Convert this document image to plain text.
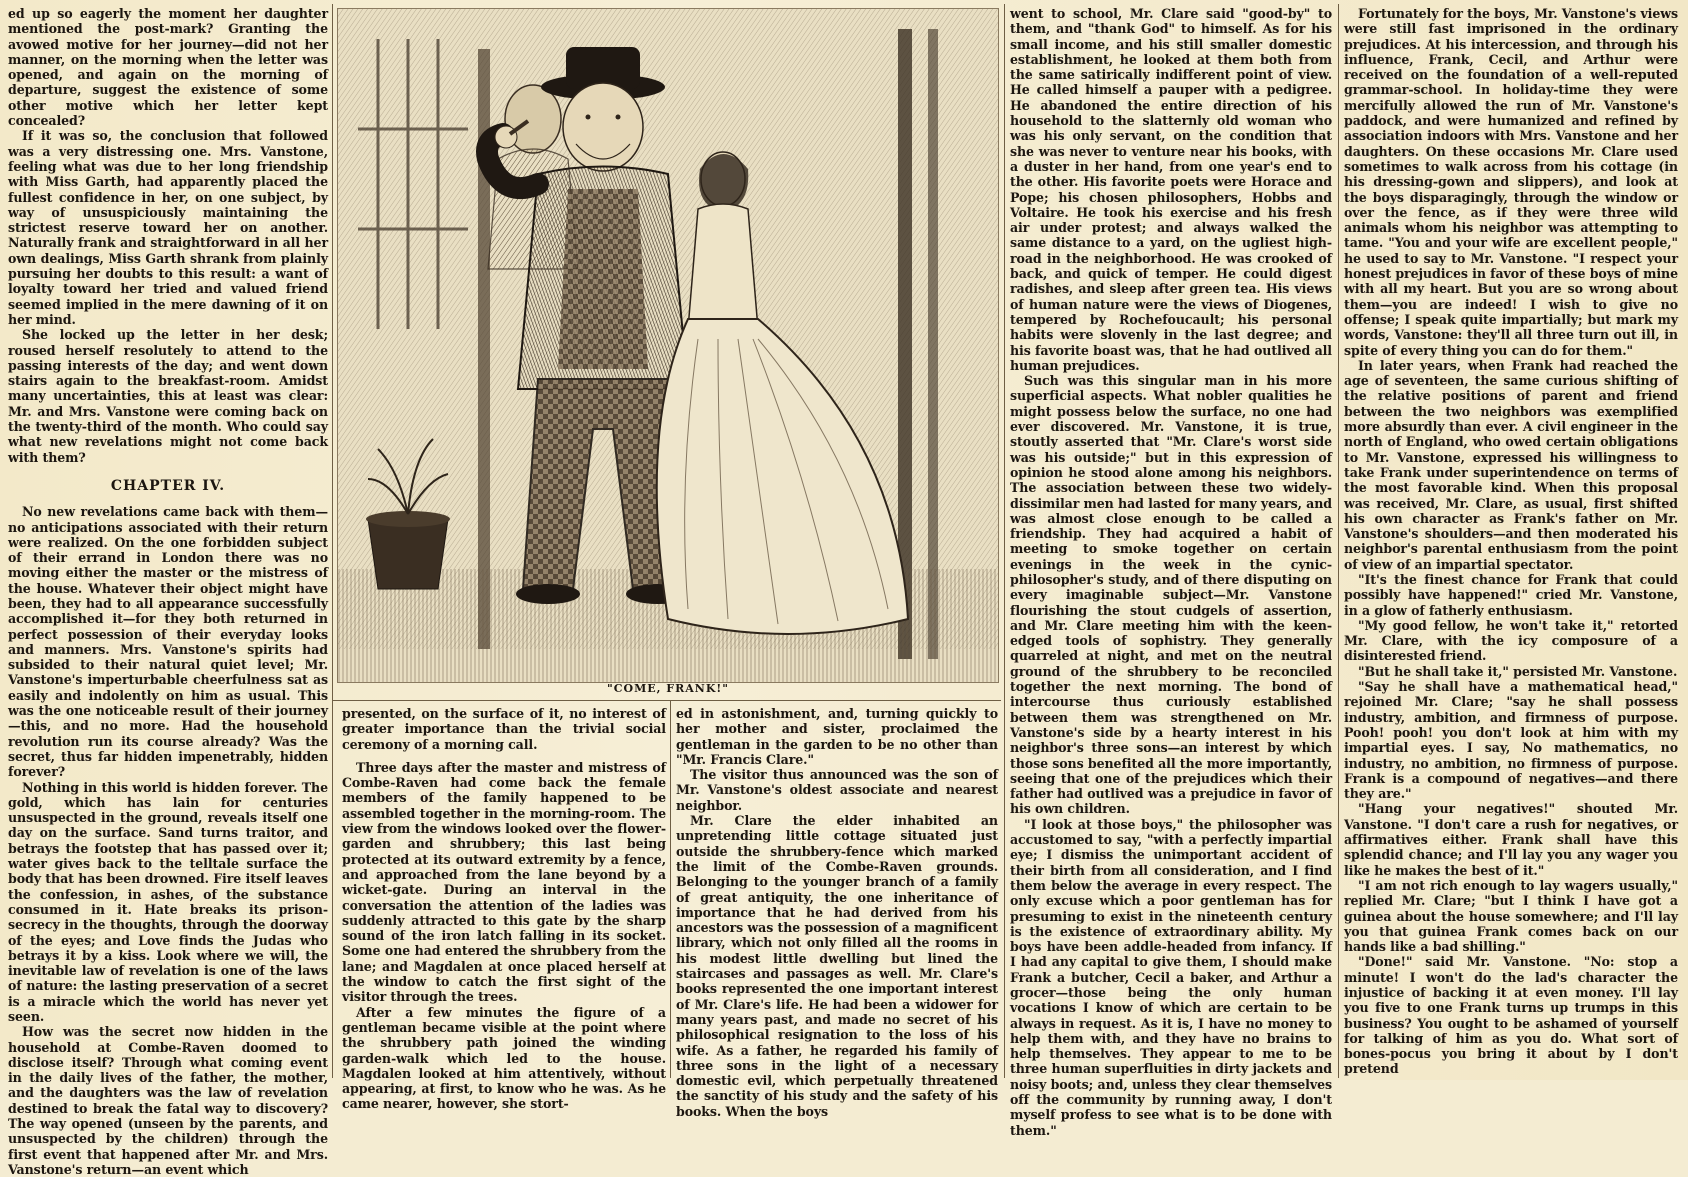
ed up so eagerly the moment her daughter mentioned the post-mark? Granting the avowed motive for her journey—did not her manner, on the morning when the letter was opened, and again on the morning of departure, suggest the existence of some other motive which her letter kept concealed?

If it was so, the conclusion that followed was a very distressing one. Mrs. Vanstone, feeling what was due to her long friendship with Miss Garth, had apparently placed the fullest confidence in her, on one subject, by way of unsuspiciously maintaining the strictest reserve toward her on another. Naturally frank and straightforward in all her own dealings, Miss Garth shrank from plainly pursuing her doubts to this result: a want of loyalty toward her tried and valued friend seemed implied in the mere dawning of it on her mind.

She locked up the letter in her desk; roused herself resolutely to attend to the passing interests of the day; and went down stairs again to the breakfast-room. Amidst many uncertainties, this at least was clear: Mr. and Mrs. Vanstone were coming back on the twenty-third of the month. Who could say what new revelations might not come back with them?

CHAPTER IV.

No new revelations came back with them—no anticipations associated with their return were realized. On the one forbidden subject of their errand in London there was no moving either the master or the mistress of the house. Whatever their object might have been, they had to all appearance successfully accomplished it—for they both returned in perfect possession of their everyday looks and manners. Mrs. Vanstone's spirits had subsided to their natural quiet level; Mr. Vanstone's imperturbable cheerfulness sat as easily and indolently on him as usual. This was the one noticeable result of their journey—this, and no more. Had the household revolution run its course already? Was the secret, thus far hidden impenetrably, hidden forever?

Nothing in this world is hidden forever. The gold, which has lain for centuries unsuspected in the ground, reveals itself one day on the surface. Sand turns traitor, and betrays the footstep that has passed over it; water gives back to the telltale surface the body that has been drowned. Fire itself leaves the confession, in ashes, of the substance consumed in it. Hate breaks its prison-secrecy in the thoughts, through the doorway of the eyes; and Love finds the Judas who betrays it by a kiss. Look where we will, the inevitable law of revelation is one of the laws of nature: the lasting preservation of a secret is a miracle which the world has never yet seen.

How was the secret now hidden in the household at Combe-Raven doomed to disclose itself? Through what coming event in the daily lives of the father, the mother, and the daughters was the law of revelation destined to break the fatal way to discovery? The way opened (unseen by the parents, and unsuspected by the children) through the first event that happened after Mr. and Mrs. Vanstone's return—an event which

"COME, FRANK!"

presented, on the surface of it, no interest of greater importance than the trivial social ceremony of a morning call.

Three days after the master and mistress of Combe-Raven had come back the female members of the family happened to be assembled together in the morning-room. The view from the windows looked over the flower-garden and shrubbery; this last being protected at its outward extremity by a fence, and approached from the lane beyond by a wicket-gate. During an interval in the conversation the attention of the ladies was suddenly attracted to this gate by the sharp sound of the iron latch falling in its socket. Some one had entered the shrubbery from the lane; and Magdalen at once placed herself at the window to catch the first sight of the visitor through the trees.

After a few minutes the figure of a gentleman became visible at the point where the shrubbery path joined the winding garden-walk which led to the house. Magdalen looked at him attentively, without appearing, at first, to know who he was. As he came nearer, however, she stort-

ed in astonishment, and, turning quickly to her mother and sister, proclaimed the gentleman in the garden to be no other than "Mr. Francis Clare."

The visitor thus announced was the son of Mr. Vanstone's oldest associate and nearest neighbor.

Mr. Clare the elder inhabited an unpretending little cottage situated just outside the shrubbery-fence which marked the limit of the Combe-Raven grounds. Belonging to the younger branch of a family of great antiquity, the one inheritance of importance that he had derived from his ancestors was the possession of a magnificent library, which not only filled all the rooms in his modest little dwelling but lined the staircases and passages as well. Mr. Clare's books represented the one important interest of Mr. Clare's life. He had been a widower for many years past, and made no secret of his philosophical resignation to the loss of his wife. As a father, he regarded his family of three sons in the light of a necessary domestic evil, which perpetually threatened the sanctity of his study and the safety of his books. When the boys

went to school, Mr. Clare said "good-by" to them, and "thank God" to himself. As for his small income, and his still smaller domestic establishment, he looked at them both from the same satirically indifferent point of view. He called himself a pauper with a pedigree. He abandoned the entire direction of his household to the slatternly old woman who was his only servant, on the condition that she was never to venture near his books, with a duster in her hand, from one year's end to the other. His favorite poets were Horace and Pope; his chosen philosophers, Hobbs and Voltaire. He took his exercise and his fresh air under protest; and always walked the same distance to a yard, on the ugliest high-road in the neighborhood. He was crooked of back, and quick of temper. He could digest radishes, and sleep after green tea. His views of human nature were the views of Diogenes, tempered by Rochefoucault; his personal habits were slovenly in the last degree; and his favorite boast was, that he had outlived all human prejudices.

Such was this singular man in his more superficial aspects. What nobler qualities he might possess below the surface, no one had ever discovered. Mr. Vanstone, it is true, stoutly asserted that "Mr. Clare's worst side was his outside;" but in this expression of opinion he stood alone among his neighbors. The association between these two widely-dissimilar men had lasted for many years, and was almost close enough to be called a friendship. They had acquired a habit of meeting to smoke together on certain evenings in the week in the cynic-philosopher's study, and of there disputing on every imaginable subject—Mr. Vanstone flourishing the stout cudgels of assertion, and Mr. Clare meeting him with the keen-edged tools of sophistry. They generally quarreled at night, and met on the neutral ground of the shrubbery to be reconciled together the next morning. The bond of intercourse thus curiously established between them was strengthened on Mr. Vanstone's side by a hearty interest in his neighbor's three sons—an interest by which those sons benefited all the more importantly, seeing that one of the prejudices which their father had outlived was a prejudice in favor of his own children.

"I look at those boys," the philosopher was accustomed to say, "with a perfectly impartial eye; I dismiss the unimportant accident of their birth from all consideration, and I find them below the average in every respect. The only excuse which a poor gentleman has for presuming to exist in the nineteenth century is the existence of extraordinary ability. My boys have been addle-headed from infancy. If I had any capital to give them, I should make Frank a butcher, Cecil a baker, and Arthur a grocer—those being the only human vocations I know of which are certain to be always in request. As it is, I have no money to help them with, and they have no brains to help themselves. They appear to me to be three human superfluities in dirty jackets and noisy boots; and, unless they clear themselves off the community by running away, I don't myself profess to see what is to be done with them."

Fortunately for the boys, Mr. Vanstone's views were still fast imprisoned in the ordinary prejudices. At his intercession, and through his influence, Frank, Cecil, and Arthur were received on the foundation of a well-reputed grammar-school. In holiday-time they were mercifully allowed the run of Mr. Vanstone's paddock, and were humanized and refined by association indoors with Mrs. Vanstone and her daughters. On these occasions Mr. Clare used sometimes to walk across from his cottage (in his dressing-gown and slippers), and look at the boys disparagingly, through the window or over the fence, as if they were three wild animals whom his neighbor was attempting to tame. "You and your wife are excellent people," he used to say to Mr. Vanstone. "I respect your honest prejudices in favor of these boys of mine with all my heart. But you are so wrong about them—you are indeed! I wish to give no offense; I speak quite impartially; but mark my words, Vanstone: they'll all three turn out ill, in spite of every thing you can do for them."

In later years, when Frank had reached the age of seventeen, the same curious shifting of the relative positions of parent and friend between the two neighbors was exemplified more absurdly than ever. A civil engineer in the north of England, who owed certain obligations to Mr. Vanstone, expressed his willingness to take Frank under superintendence on terms of the most favorable kind. When this proposal was received, Mr. Clare, as usual, first shifted his own character as Frank's father on Mr. Vanstone's shoulders—and then moderated his neighbor's parental enthusiasm from the point of view of an impartial spectator.

"It's the finest chance for Frank that could possibly have happened!" cried Mr. Vanstone, in a glow of fatherly enthusiasm.

"My good fellow, he won't take it," retorted Mr. Clare, with the icy composure of a disinterested friend.

"But he shall take it," persisted Mr. Vanstone.

"Say he shall have a mathematical head," rejoined Mr. Clare; "say he shall possess industry, ambition, and firmness of purpose. Pooh! pooh! you don't look at him with my impartial eyes. I say, No mathematics, no industry, no ambition, no firmness of purpose. Frank is a compound of negatives—and there they are."

"Hang your negatives!" shouted Mr. Vanstone. "I don't care a rush for negatives, or affirmatives either. Frank shall have this splendid chance; and I'll lay you any wager you like he makes the best of it."

"I am not rich enough to lay wagers usually," replied Mr. Clare; "but I think I have got a guinea about the house somewhere; and I'll lay you that guinea Frank comes back on our hands like a bad shilling."

"Done!" said Mr. Vanstone. "No: stop a minute! I won't do the lad's character the injustice of backing it at even money. I'll lay you five to one Frank turns up trumps in this business? You ought to be ashamed of yourself for talking of him as you do. What sort of bones-pocus you bring it about by I don't pretend
